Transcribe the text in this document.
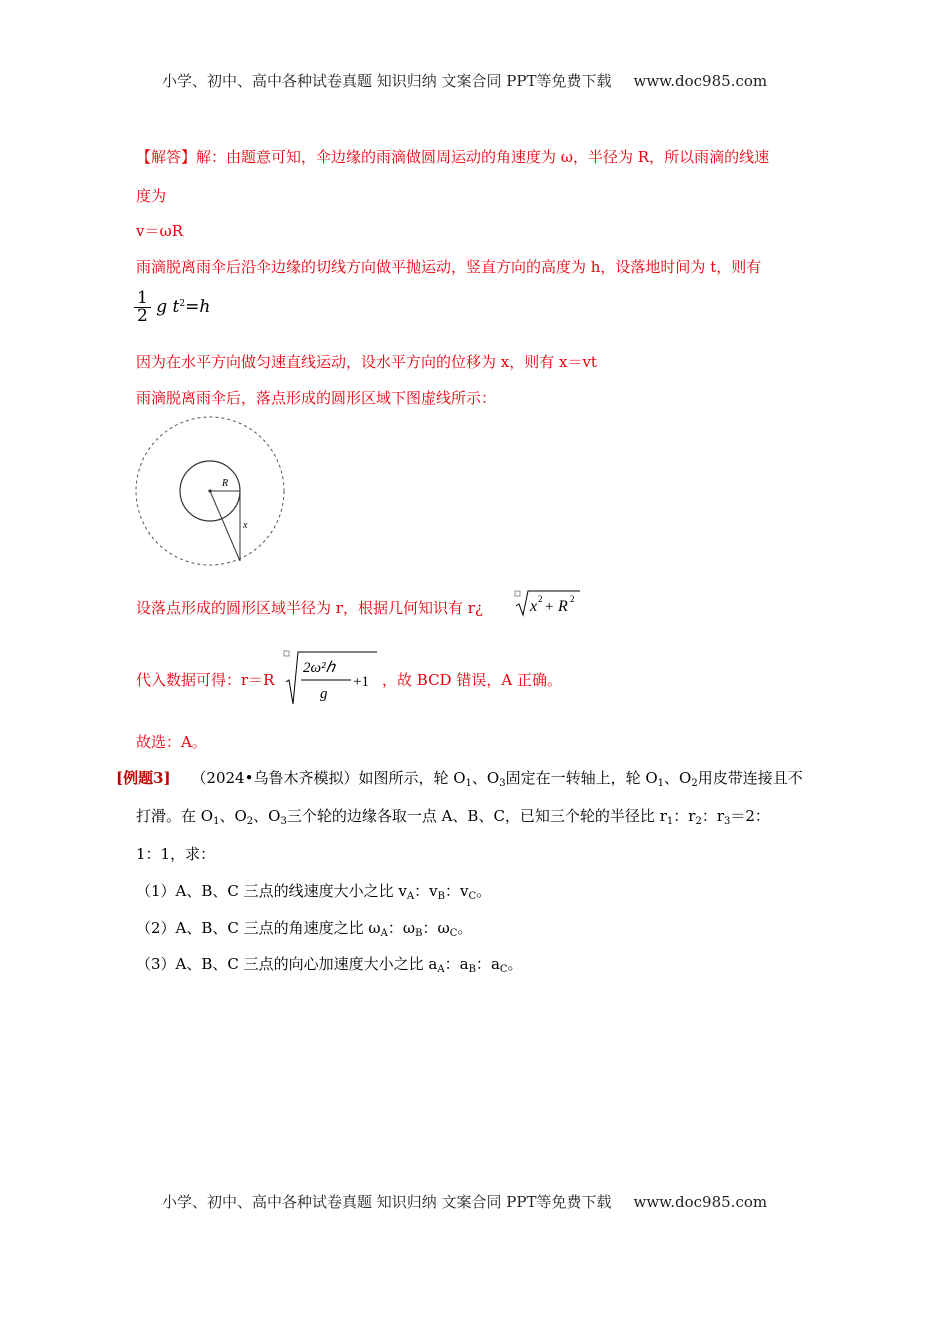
小学、初中、高中各种试卷真题 知识归纳 文案合同 PPT等免费下载 www.doc985.com
【解答】解：由题意可知，伞边缘的雨滴做圆周运动的角速度为 ω，半径为 R，所以雨滴的线速
度为
v＝ωR
雨滴脱离雨伞后沿伞边缘的切线方向做平抛运动，竖直方向的高度为 h，设落地时间为 t，则有
$\frac{1}{2}$ g $t^2=ℎ$
因为在水平方向做匀速直线运动，设水平方向的位移为 x，则有 x＝vt
雨滴脱离雨伞后，落点形成的圆形区域下图虚线所示：
R
x
设落点形成的圆形区域半径为 r，根据几何知识有 r¿	x 2 + R 2
代入数据可得：r＝R
2ω²ℎ
g
+1 ，故 BCD 错误，A 正确。
故选：A。
[例题3] （2024•乌鲁木齐模拟）如图所示，轮 $O_1$、$O_3$固定在一转轴上，轮 $O_1$、$O_2$用皮带连接且不
打滑。在 $O_1$、$O_2$、$O_3$三个轮的边缘各取一点 A、B、C，已知三个轮的半径比 $r_1$：$r_2$：$r_3=2$：
1：1，求：
（1）A、B、C 三点的线速度大小之比 $v_A$：$v_B$：$v_C$。
（2）A、B、C 三点的角速度之比 $\omega_A$：$\omega_B$：$\omega_C$。
（3）A、B、C 三点的向心加速度大小之比 $a_A$：$a_B$：$a_C$。
小学、初中、高中各种试卷真题 知识归纳 文案合同 PPT等免费下载 www.doc985.com
